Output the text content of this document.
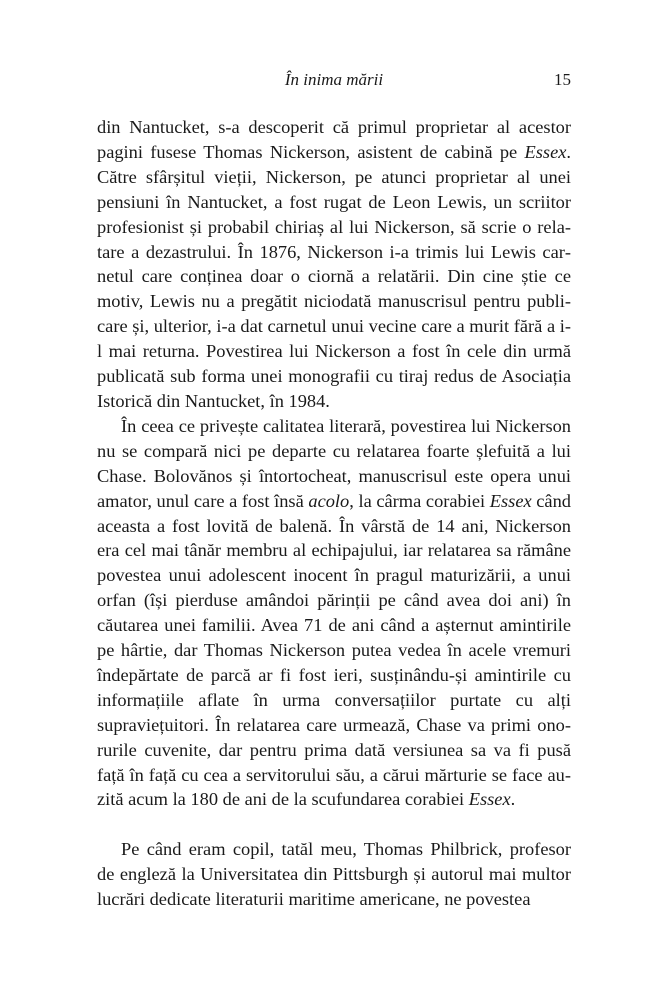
În inima mării	15

din Nantucket, s-a descoperit că primul proprietar al acestor pagini fusese Thomas Nickerson, asistent de cabină pe Essex. Către sfârșitul vieții, Nickerson, pe atunci proprietar al unei pensiuni în Nantucket, a fost rugat de Leon Lewis, un scriitor profesionist și probabil chiriaș al lui Nickerson, să scrie o relatare a dezastrului. În 1876, Nickerson i-a trimis lui Lewis carnetul care conținea doar o ciornă a relatării. Din cine știe ce motiv, Lewis nu a pregătit niciodată manuscrisul pentru publicare și, ulterior, i-a dat carnetul unui vecine care a murit fără a i-l mai returna. Povestirea lui Nickerson a fost în cele din urmă publicată sub forma unei monografii cu tiraj redus de Asociația Istorică din Nantucket, în 1984.

În ceea ce privește calitatea literară, povestirea lui Nickerson nu se compară nici pe departe cu relatarea foarte șlefuită a lui Chase. Bolovănos și întortocheat, manuscrisul este opera unui amator, unul care a fost însă acolo, la cârma corabiei Essex când aceasta a fost lovită de balenă. În vârstă de 14 ani, Nickerson era cel mai tânăr membru al echipajului, iar relatarea sa rămâne povestea unui adolescent inocent în pragul maturizării, a unui orfan (își pierduse amândoi părinții pe când avea doi ani) în căutarea unei familii. Avea 71 de ani când a așternut amintirile pe hârtie, dar Thomas Nickerson putea vedea în acele vremuri îndepărtate de parcă ar fi fost ieri, susținându-și amintirile cu informațiile aflate în urma conversațiilor purtate cu alți supraviețuitori. În relatarea care urmează, Chase va primi onorurile cuvenite, dar pentru prima dată versiunea sa va fi pusă față în față cu cea a servitorului său, a cărui mărturie se face auzită acum la 180 de ani de la scufundarea corabiei Essex.

Pe când eram copil, tatăl meu, Thomas Philbrick, profesor de engleză la Universitatea din Pittsburgh și autorul mai multor lucrări dedicate literaturii maritime americane, ne povestea
